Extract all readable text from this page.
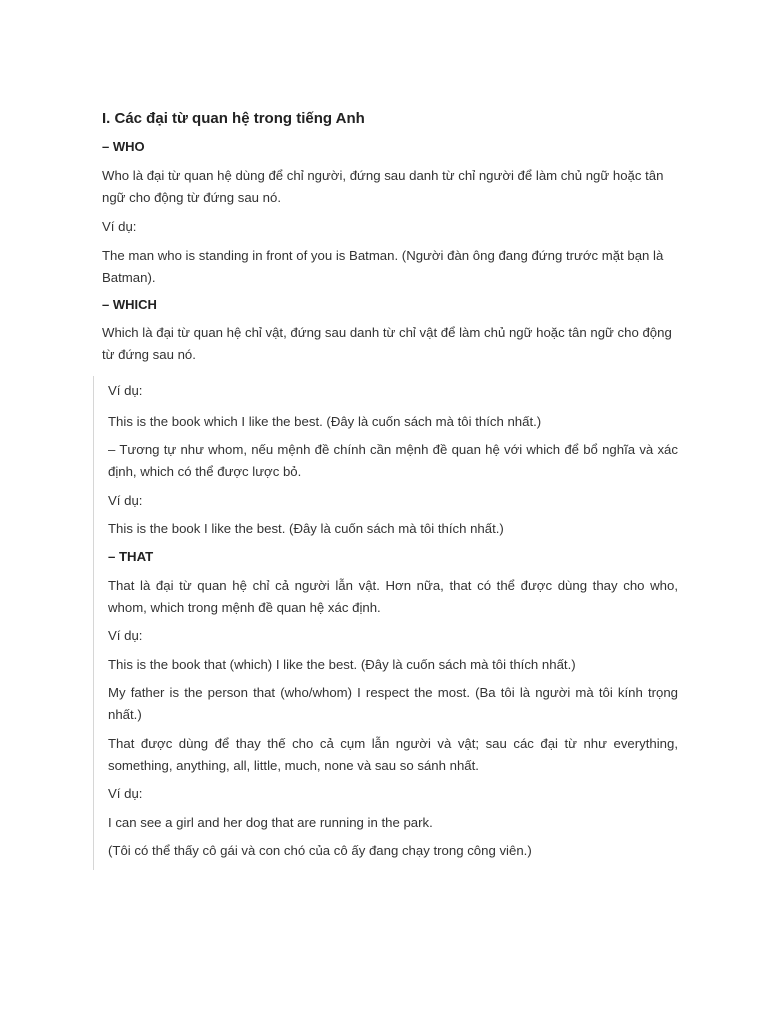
I. Các đại từ quan hệ trong tiếng Anh

– WHO

Who là đại từ quan hệ dùng để chỉ người, đứng sau danh từ chỉ người để làm chủ ngữ hoặc tân ngữ cho động từ đứng sau nó.

Ví dụ:

The man who is standing in front of you is Batman. (Người đàn ông đang đứng trước mặt bạn là Batman).

– WHICH

Which là đại từ quan hệ chỉ vật, đứng sau danh từ chỉ vật để làm chủ ngữ hoặc tân ngữ cho động từ đứng sau nó.

Ví dụ:

This is the book which I like the best. (Đây là cuốn sách mà tôi thích nhất.)

– Tương tự như whom, nếu mệnh đề chính cần mệnh đề quan hệ với which để bổ nghĩa và xác định, which có thể được lược bỏ.

Ví dụ:

This is the book I like the best. (Đây là cuốn sách mà tôi thích nhất.)

– THAT

That là đại từ quan hệ chỉ cả người lẫn vật. Hơn nữa, that có thể được dùng thay cho who, whom, which trong mệnh đề quan hệ xác định.

Ví dụ:

This is the book that (which) I like the best. (Đây là cuốn sách mà tôi thích nhất.)

My father is the person that (who/whom) I respect the most. (Ba tôi là người mà tôi kính trọng nhất.)

That được dùng để thay thế cho cả cụm lẫn người và vật; sau các đại từ như everything, something, anything, all, little, much, none và sau so sánh nhất.

Ví dụ:

I can see a girl and her dog that are running in the park.

(Tôi có thể thấy cô gái và con chó của cô ấy đang chạy trong công viên.)
